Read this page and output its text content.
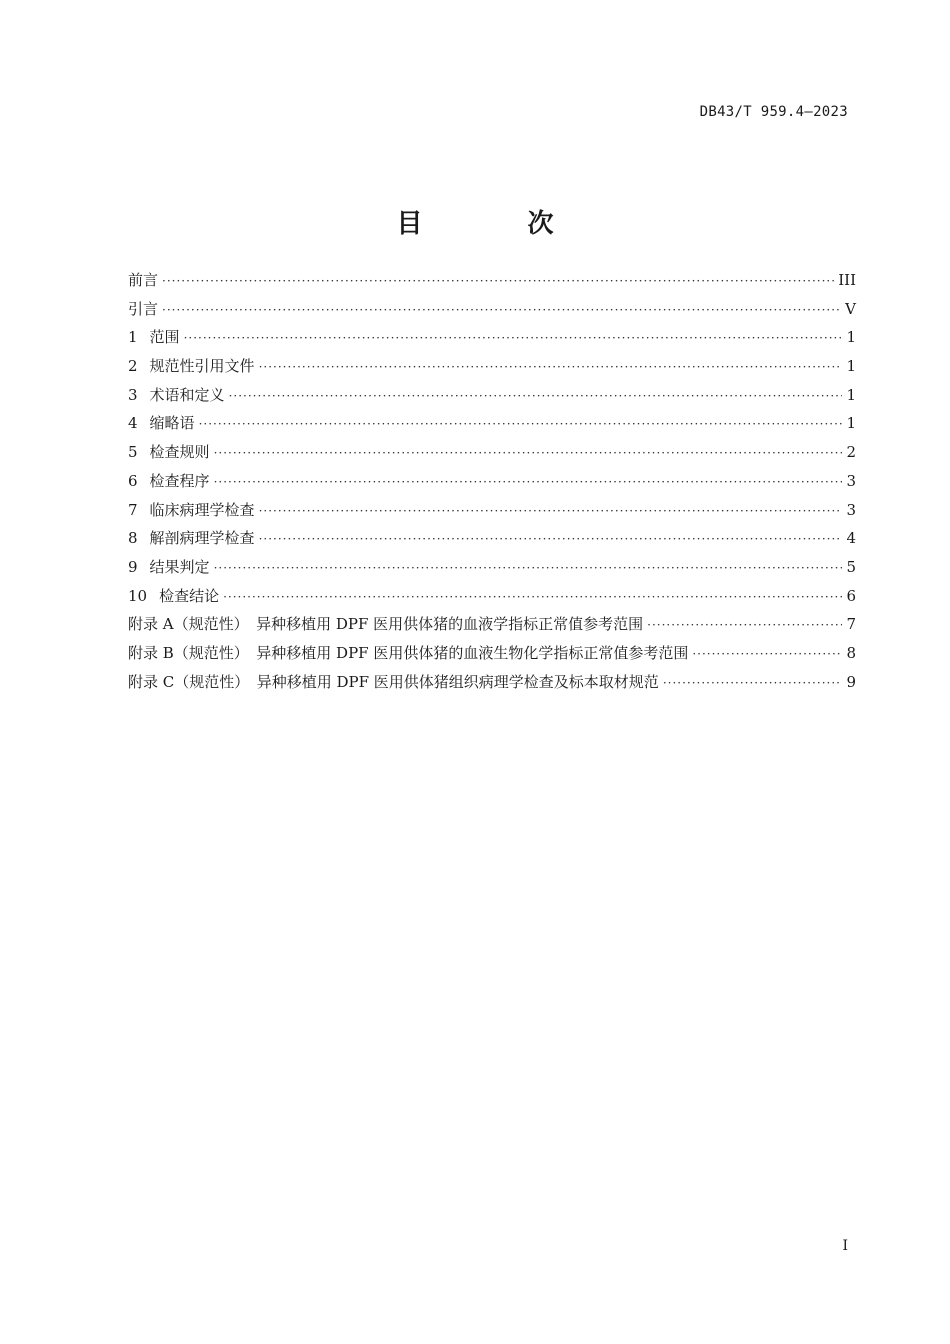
DB43/T 959.4—2023
目 次
前言 ·····	III
引言 ·····	V
1 范围 ·····	1
2 规范性引用文件 ·····	1
3 术语和定义 ·····	1
4 缩略语 ·····	1
5 检查规则 ·····	2
6 检查程序 ·····	3
7 临床病理学检查 ·····	3
8 解剖病理学检查 ·····	4
9 结果判定 ·····	5
10 检查结论 ·····	6
附录 A（规范性）　异种移植用 DPF 医用供体猪的血液学指标正常值参考范围 ·····	7
附录 B（规范性）　异种移植用 DPF 医用供体猪的血液生物化学指标正常值参考范围 ·····	8
附录 C（规范性）　异种移植用 DPF 医用供体猪组织病理学检查及标本取材规范 ·····	9
I
